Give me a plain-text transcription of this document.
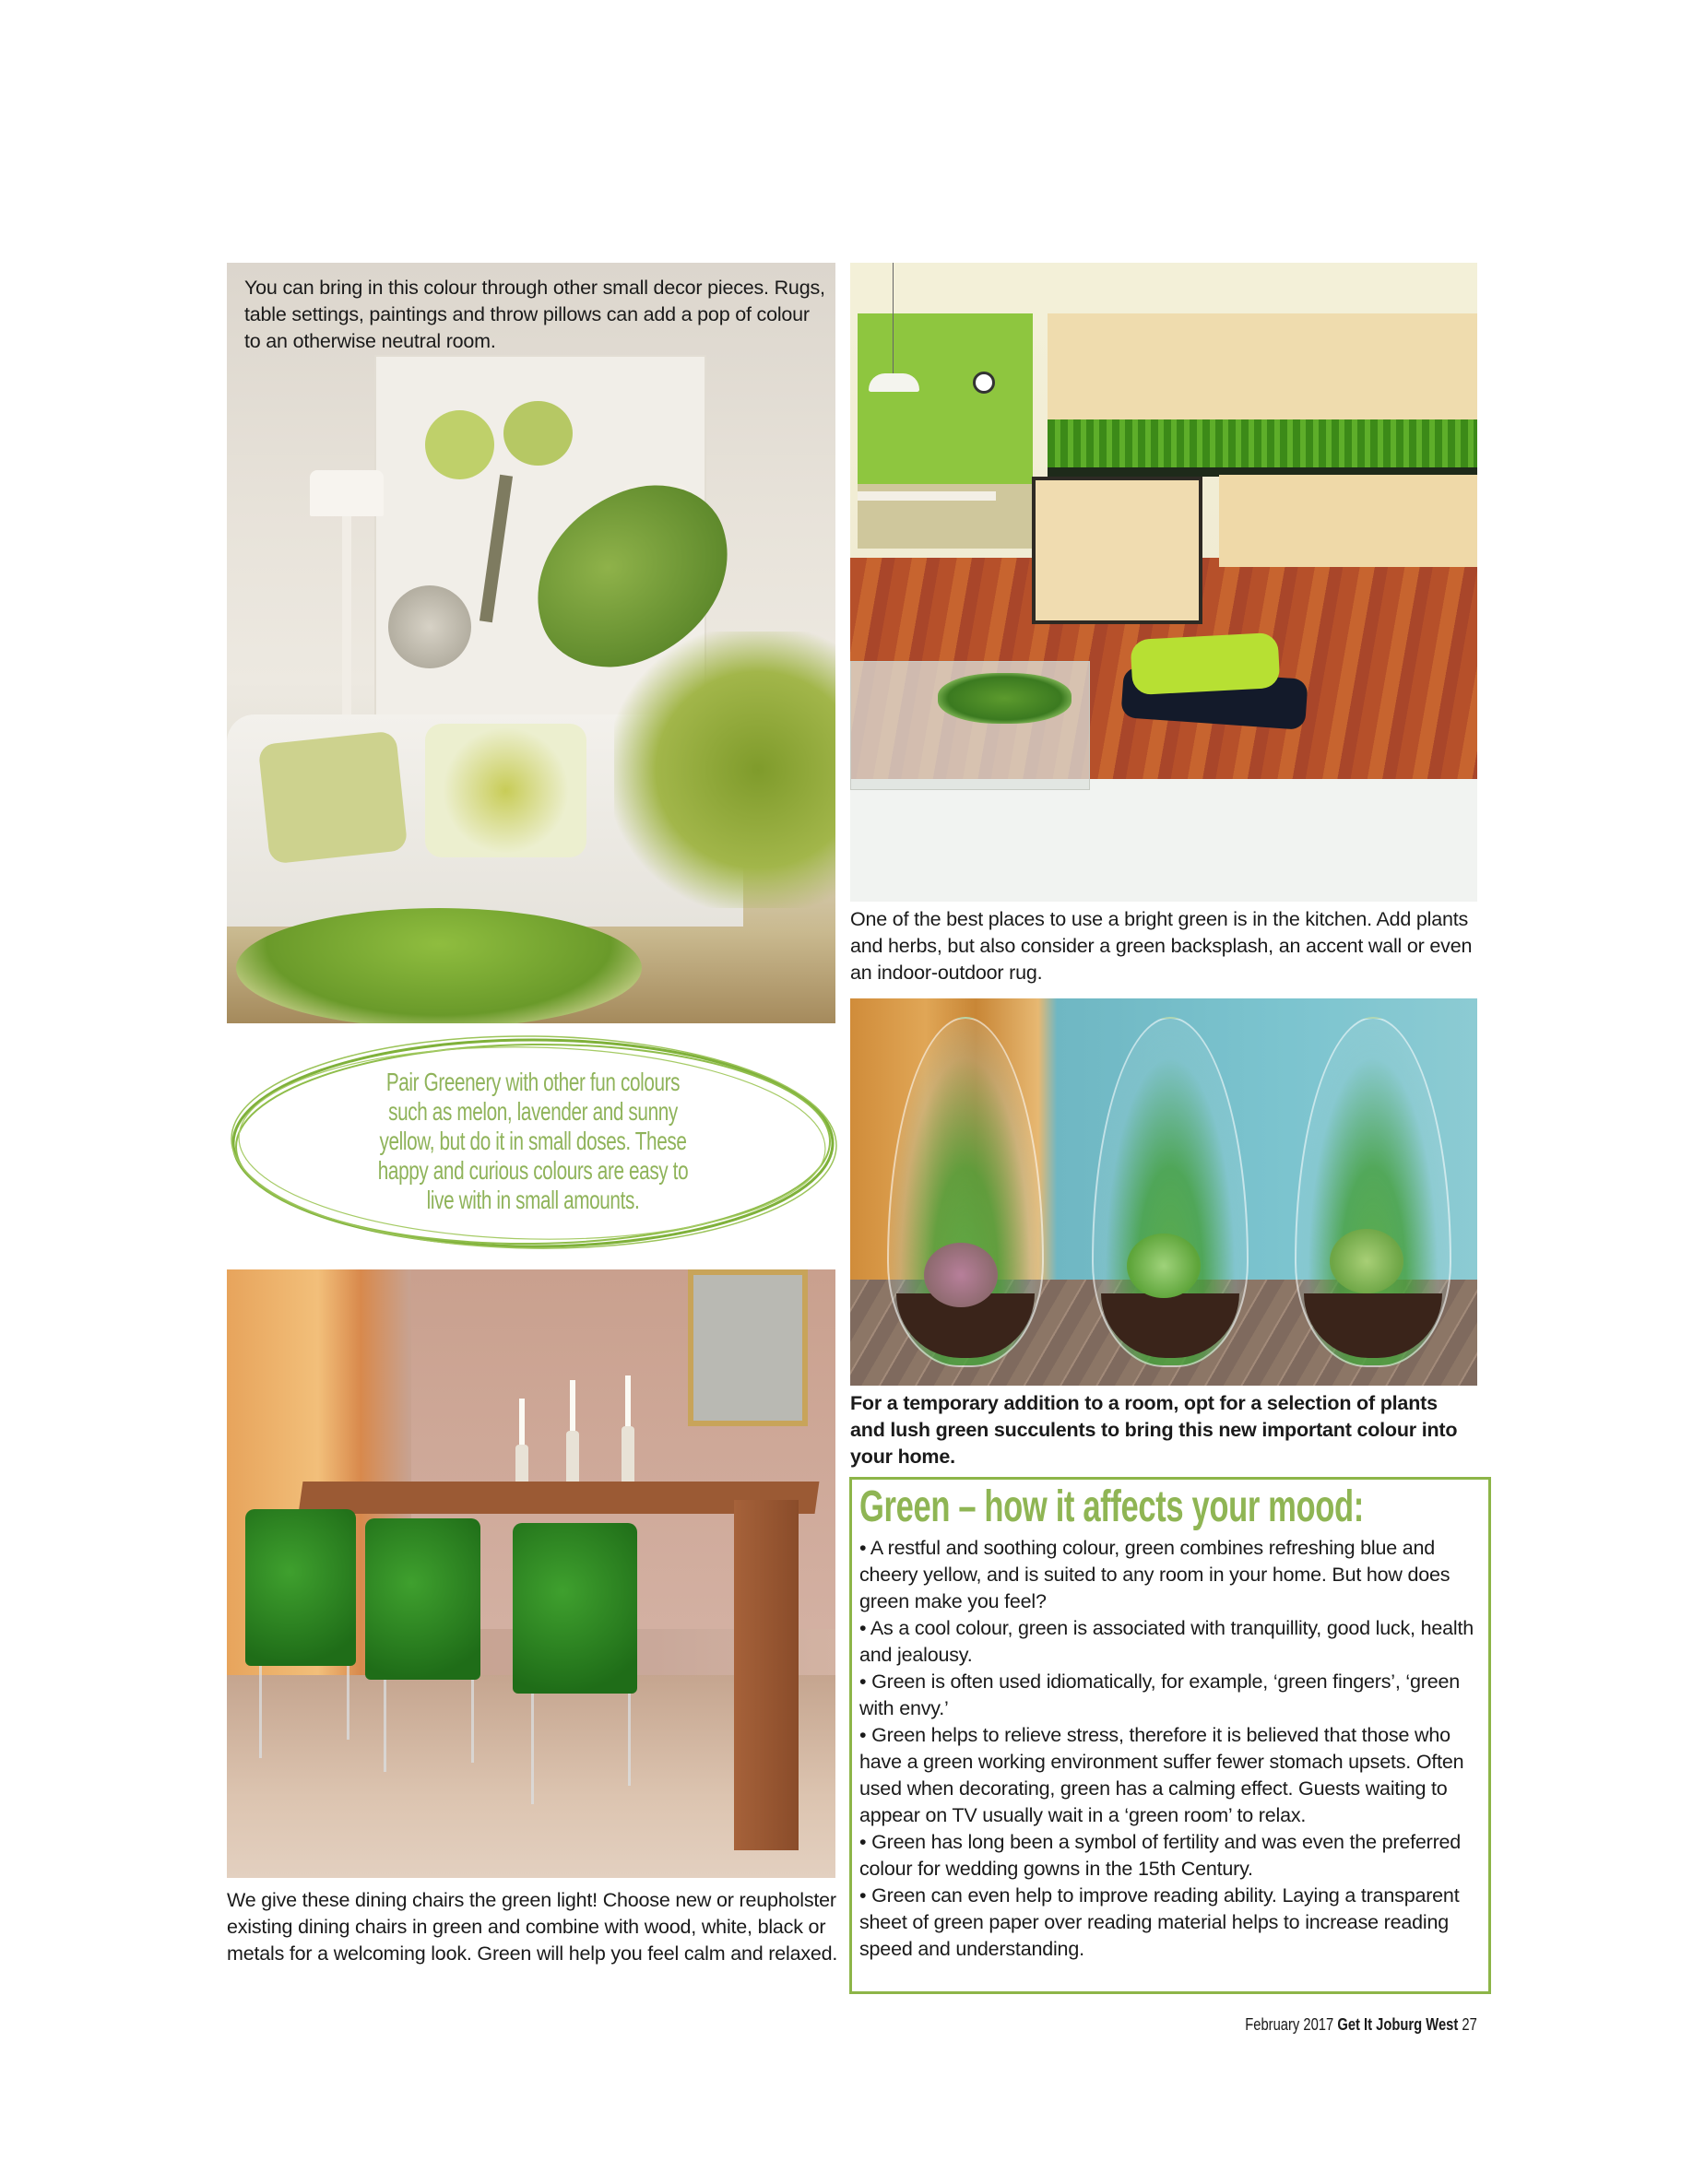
You can bring in this colour through other small decor pieces. Rugs, table settings, paintings and throw pillows can add a pop of colour to an otherwise neutral room.

One of the best places to use a bright green is in the kitchen. Add plants and herbs, but also consider a green backsplash, an accent wall or even an indoor-outdoor rug.

Pair Greenery with other fun colours
such as melon, lavender and sunny
yellow, but do it in small doses. These
happy and curious colours are easy to
live with in small amounts.

For a temporary addition to a room, opt for a selection of plants and lush green succulents to bring this new important colour into your home.

We give these dining chairs the green light! Choose new or reupholster existing dining chairs in green and combine with wood, white, black or metals for a welcoming look. Green will help you feel calm and relaxed.

Green – how it affects your mood:
• A restful and soothing colour, green combines refreshing blue and cheery yellow, and is suited to any room in your home. But how does green make you feel?
• As a cool colour, green is associated with tranquillity, good luck, health and jealousy.
• Green is often used idiomatically, for example, ‘green fingers’, ‘green with envy.’
• Green helps to relieve stress, therefore it is believed that those who have a green working environment suffer fewer stomach upsets. Often used when decorating, green has a calming effect. Guests waiting to appear on TV usually wait in a ‘green room’ to relax.
• Green has long been a symbol of fertility and was even the preferred colour for wedding gowns in the 15th Century.
• Green can even help to improve reading ability. Laying a transparent sheet of green paper over reading material helps to increase reading speed and understanding.
February 2017 Get It Joburg West 27
